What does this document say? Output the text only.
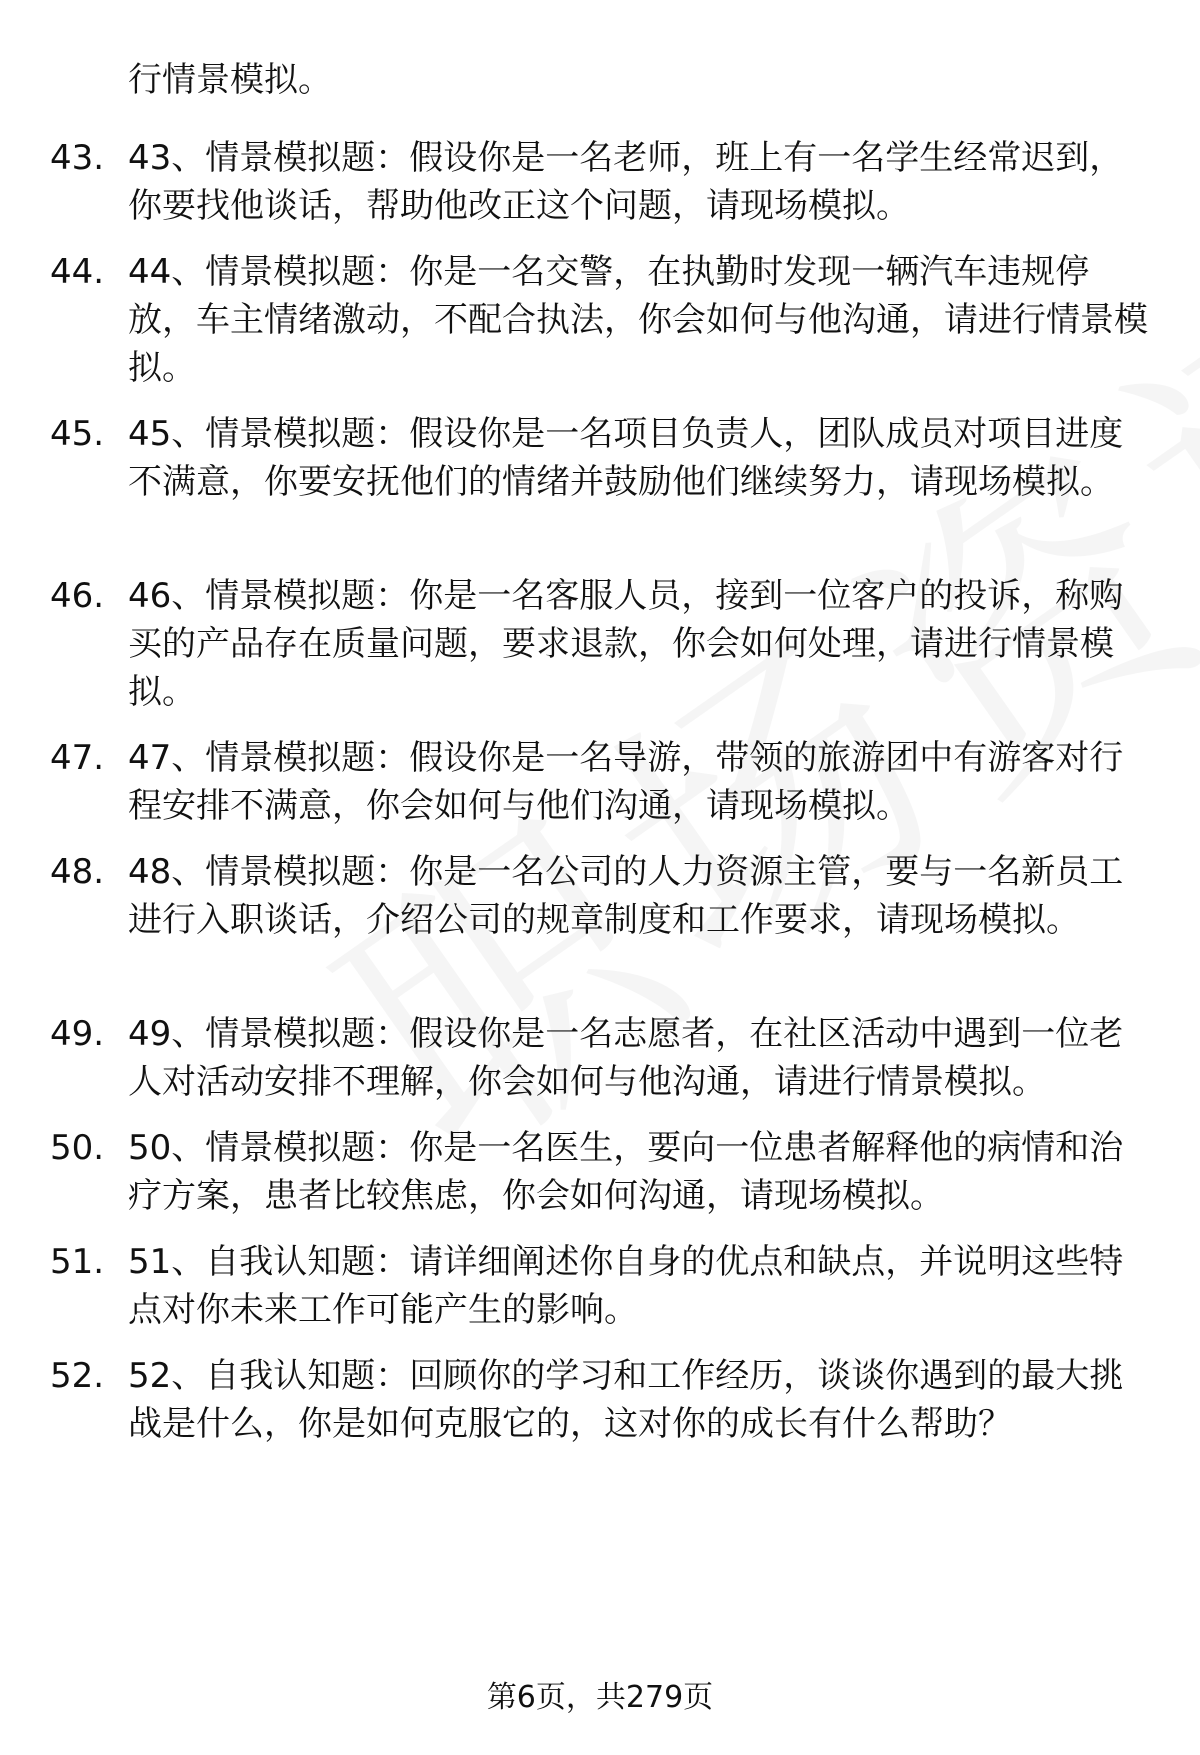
行情景模拟。
43. 43、情景模拟题：假设你是一名老师，班上有一名学生经常迟到，你要找他谈话，帮助他改正这个问题，请现场模拟。
44. 44、情景模拟题：你是一名交警，在执勤时发现一辆汽车违规停放，车主情绪激动，不配合执法，你会如何与他沟通，请进行情景模拟。
45. 45、情景模拟题：假设你是一名项目负责人，团队成员对项目进度不满意，你要安抚他们的情绪并鼓励他们继续努力，请现场模拟。
46. 46、情景模拟题：你是一名客服人员，接到一位客户的投诉，称购买的产品存在质量问题，要求退款，你会如何处理，请进行情景模拟。
47. 47、情景模拟题：假设你是一名导游，带领的旅游团中有游客对行程安排不满意，你会如何与他们沟通，请现场模拟。
48. 48、情景模拟题：你是一名公司的人力资源主管，要与一名新员工进行入职谈话，介绍公司的规章制度和工作要求，请现场模拟。
49. 49、情景模拟题：假设你是一名志愿者，在社区活动中遇到一位老人对活动安排不理解，你会如何与他沟通，请进行情景模拟。
50. 50、情景模拟题：你是一名医生，要向一位患者解释他的病情和治疗方案，患者比较焦虑，你会如何沟通，请现场模拟。
51. 51、自我认知题：请详细阐述你自身的优点和缺点，并说明这些特点对你未来工作可能产生的影响。
52. 52、自我认知题：回顾你的学习和工作经历，谈谈你遇到的最大挑战是什么，你是如何克服它的，这对你的成长有什么帮助？
第6页，共279页
